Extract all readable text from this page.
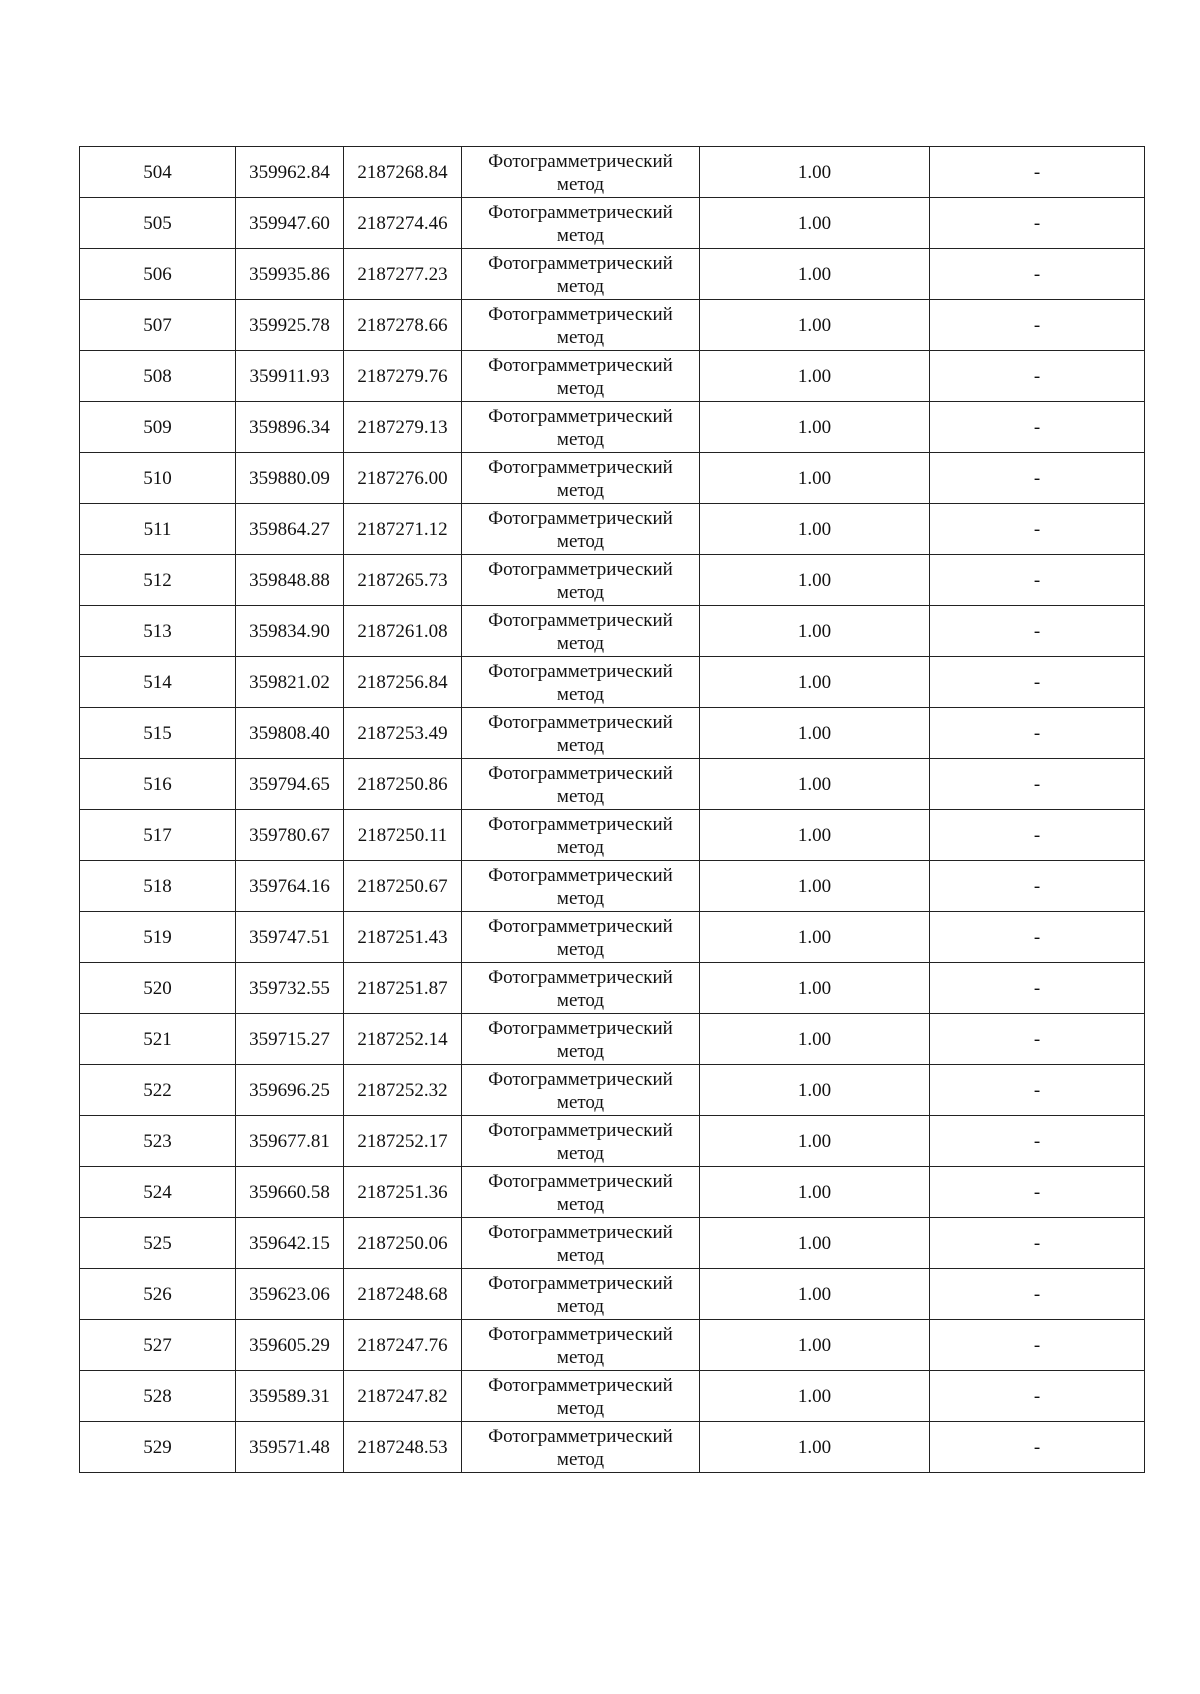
504	359962.84	2187268.84	Фотограмметрический метод	1.00	-
505	359947.60	2187274.46	Фотограмметрический метод	1.00	-
506	359935.86	2187277.23	Фотограмметрический метод	1.00	-
507	359925.78	2187278.66	Фотограмметрический метод	1.00	-
508	359911.93	2187279.76	Фотограмметрический метод	1.00	-
509	359896.34	2187279.13	Фотограмметрический метод	1.00	-
510	359880.09	2187276.00	Фотограмметрический метод	1.00	-
511	359864.27	2187271.12	Фотограмметрический метод	1.00	-
512	359848.88	2187265.73	Фотограмметрический метод	1.00	-
513	359834.90	2187261.08	Фотограмметрический метод	1.00	-
514	359821.02	2187256.84	Фотограмметрический метод	1.00	-
515	359808.40	2187253.49	Фотограмметрический метод	1.00	-
516	359794.65	2187250.86	Фотограмметрический метод	1.00	-
517	359780.67	2187250.11	Фотограмметрический метод	1.00	-
518	359764.16	2187250.67	Фотограмметрический метод	1.00	-
519	359747.51	2187251.43	Фотограмметрический метод	1.00	-
520	359732.55	2187251.87	Фотограмметрический метод	1.00	-
521	359715.27	2187252.14	Фотограмметрический метод	1.00	-
522	359696.25	2187252.32	Фотограмметрический метод	1.00	-
523	359677.81	2187252.17	Фотограмметрический метод	1.00	-
524	359660.58	2187251.36	Фотограмметрический метод	1.00	-
525	359642.15	2187250.06	Фотограмметрический метод	1.00	-
526	359623.06	2187248.68	Фотограмметрический метод	1.00	-
527	359605.29	2187247.76	Фотограмметрический метод	1.00	-
528	359589.31	2187247.82	Фотограмметрический метод	1.00	-
529	359571.48	2187248.53	Фотограмметрический метод	1.00	-
